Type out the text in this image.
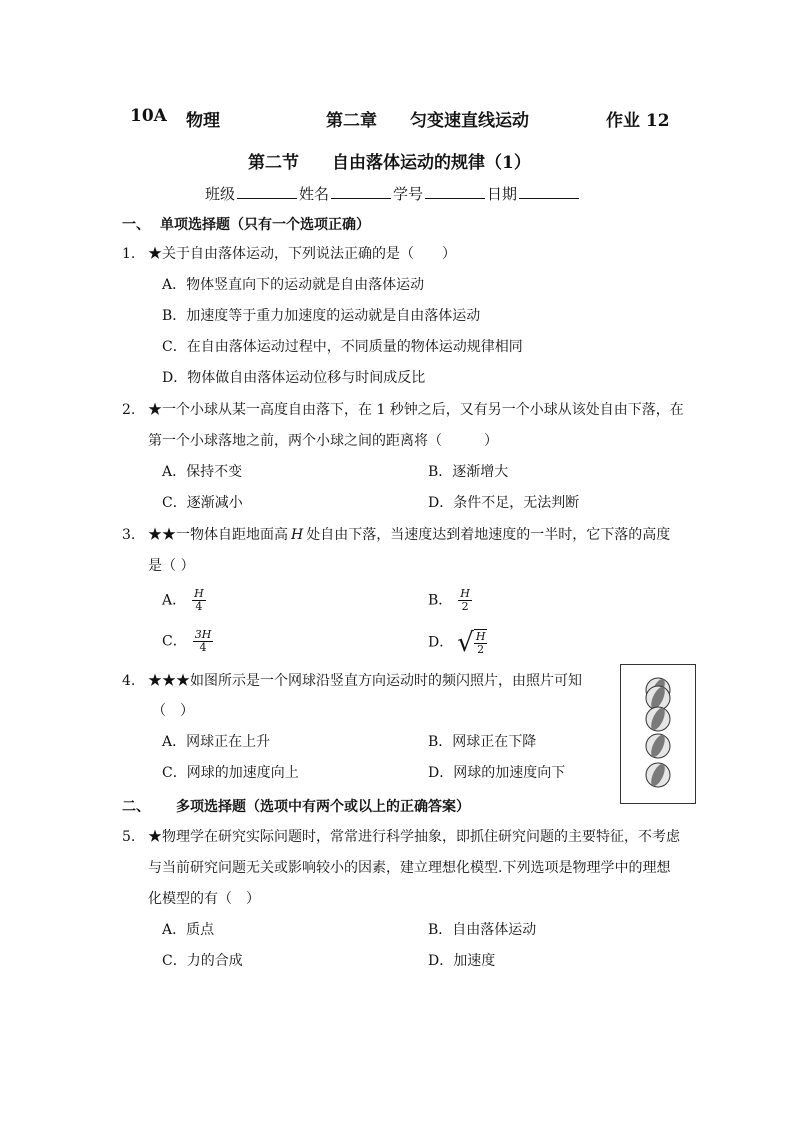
10A 物理	第二章 匀变速直线运动	作业 12
第二节 自由落体运动的规律（1）
班级	姓名	学号	日期
一、 单项选择题（只有一个选项正确）
1. ★关于自由落体运动，下列说法正确的是（　　）
A．物体竖直向下的运动就是自由落体运动
B．加速度等于重力加速度的运动就是自由落体运动
C．在自由落体运动过程中，不同质量的物体运动规律相同
D．物体做自由落体运动位移与时间成反比
2. ★一个小球从某一高度自由落下，在 1 秒钟之后，又有另一个小球从该处自由下落，在
第一个小球落地之前，两个小球之间的距离将（　　　）
A．保持不变	B．逐渐增大
C．逐渐减小	D．条件不足，无法判断
3. ★★一物体自距地面高 H 处自由下落，当速度达到着地速度的一半时，它下落的高度
是（ ）
A． $\frac{H}{4}$	B． $\frac{H}{2}$
C． $\frac{3H}{4}$	D． √ $\frac{H}{2}$
4. ★★★如图所示是一个网球沿竖直方向运动时的频闪照片，由照片可知
（　）
A．网球正在上升	B．网球正在下降
C．网球的加速度向上	D．网球的加速度向下
二、 多项选择题（选项中有两个或以上的正确答案）
5. ★物理学在研究实际问题时，常常进行科学抽象，即抓住研究问题的主要特征，不考虑
与当前研究问题无关或影响较小的因素，建立理想化模型.下列选项是物理学中的理想
化模型的有（　）
A．质点	B．自由落体运动
C．力的合成	D．加速度
